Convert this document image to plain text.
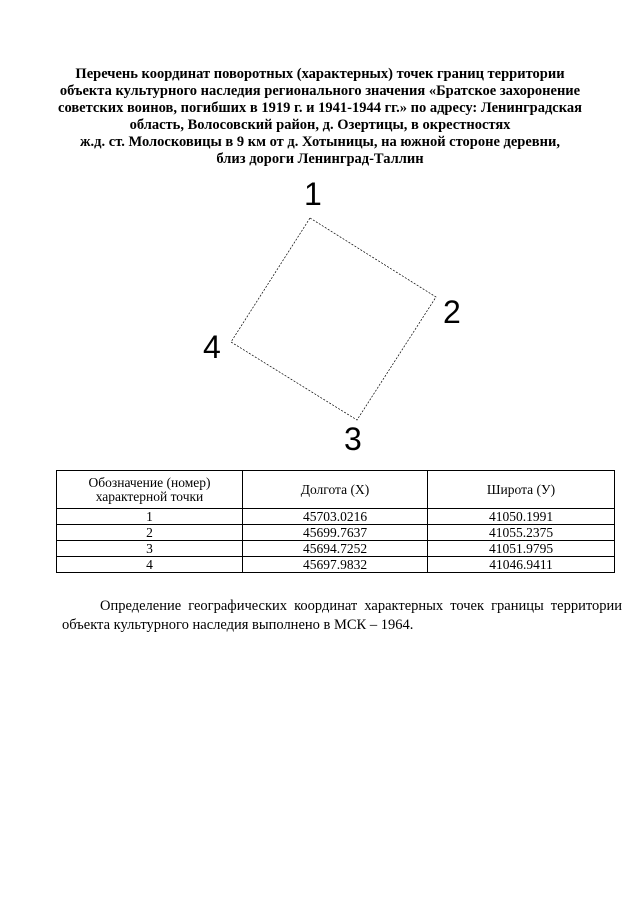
Перечень координат поворотных (характерных) точек границ территории
объекта культурного наследия регионального значения «Братское захоронение
советских воинов, погибших в 1919 г. и 1941-1944 гг.» по адресу: Ленинградская
область, Волосовский район, д. Озертицы, в окрестностях
ж.д. ст. Молосковицы в 9 км от д. Хотыницы, на южной стороне деревни,
близ дороги Ленинград-Таллин
1
2
3
4
Обозначение (номер) характерной точки	Долгота (X)	Широта (У)
1	45703.0216	41050.1991
2	45699.7637	41055.2375
3	45694.7252	41051.9795
4	45697.9832	41046.9411
Определение географических координат характерных точек границы территории объекта культурного наследия выполнено в МСК – 1964.
